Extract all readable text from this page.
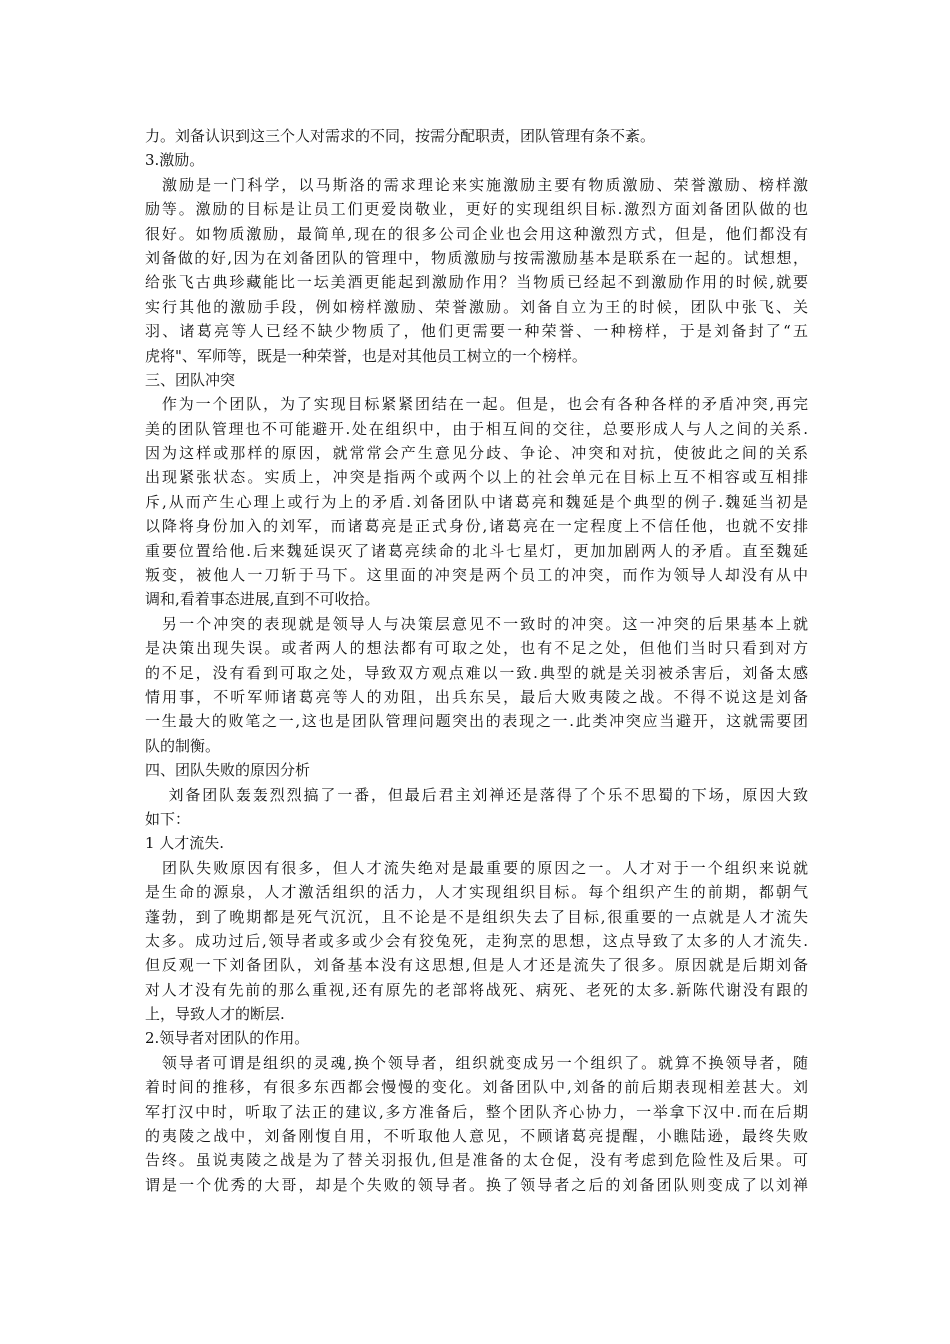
力。刘备认识到这三个人对需求的不同，按需分配职责，团队管理有条不紊。
3.激励。
　激励是一门科学，以马斯洛的需求理论来实施激励主要有物质激励、荣誉激励、榜样激
励等。激励的目标是让员工们更爱岗敬业，更好的实现组织目标.激烈方面刘备团队做的也
很好。如物质激励，最简单,现在的很多公司企业也会用这种激烈方式，但是，他们都没有
刘备做的好,因为在刘备团队的管理中，物质激励与按需激励基本是联系在一起的。试想想，
给张飞古典珍藏能比一坛美酒更能起到激励作用？当物质已经起不到激励作用的时候,就要
实行其他的激励手段，例如榜样激励、荣誉激励。刘备自立为王的时候，团队中张飞、关
羽、诸葛亮等人已经不缺少物质了，他们更需要一种荣誉、一种榜样，于是刘备封了“五
虎将"、军师等，既是一种荣誉，也是对其他员工树立的一个榜样。
三、团队冲突
　作为一个团队，为了实现目标紧紧团结在一起。但是，也会有各种各样的矛盾冲突,再完
美的团队管理也不可能避开.处在组织中，由于相互间的交往，总要形成人与人之间的关系.
因为这样或那样的原因，就常常会产生意见分歧、争论、冲突和对抗，使彼此之间的关系
出现紧张状态。实质上，冲突是指两个或两个以上的社会单元在目标上互不相容或互相排
斥,从而产生心理上或行为上的矛盾.刘备团队中诸葛亮和魏延是个典型的例子.魏延当初是
以降将身份加入的刘军，而诸葛亮是正式身份,诸葛亮在一定程度上不信任他，也就不安排
重要位置给他.后来魏延误灭了诸葛亮续命的北斗七星灯，更加加剧两人的矛盾。直至魏延
叛变，被他人一刀斩于马下。这里面的冲突是两个员工的冲突，而作为领导人却没有从中
调和,看着事态进展,直到不可收拾。
　另一个冲突的表现就是领导人与决策层意见不一致时的冲突。这一冲突的后果基本上就
是决策出现失误。或者两人的想法都有可取之处，也有不足之处，但他们当时只看到对方
的不足，没有看到可取之处，导致双方观点难以一致.典型的就是关羽被杀害后，刘备太感
情用事，不听军师诸葛亮等人的劝阻，出兵东吴，最后大败夷陵之战。不得不说这是刘备
一生最大的败笔之一,这也是团队管理问题突出的表现之一.此类冲突应当避开，这就需要团
队的制衡。
四、团队失败的原因分析
　 刘备团队轰轰烈烈搞了一番，但最后君主刘禅还是落得了个乐不思蜀的下场，原因大致
如下：
1 人才流失.
　团队失败原因有很多，但人才流失绝对是最重要的原因之一。人才对于一个组织来说就
是生命的源泉，人才激活组织的活力，人才实现组织目标。每个组织产生的前期，都朝气
蓬勃，到了晚期都是死气沉沉，且不论是不是组织失去了目标,很重要的一点就是人才流失
太多。成功过后,领导者或多或少会有狡兔死，走狗烹的思想，这点导致了太多的人才流失.
但反观一下刘备团队，刘备基本没有这思想,但是人才还是流失了很多。原因就是后期刘备
对人才没有先前的那么重视,还有原先的老部将战死、病死、老死的太多.新陈代谢没有跟的
上，导致人才的断层.
2.领导者对团队的作用。
　领导者可谓是组织的灵魂,换个领导者，组织就变成另一个组织了。就算不换领导者，随
着时间的推移，有很多东西都会慢慢的变化。刘备团队中,刘备的前后期表现相差甚大。刘
军打汉中时，听取了法正的建议,多方准备后，整个团队齐心协力，一举拿下汉中.而在后期
的夷陵之战中，刘备刚愎自用，不听取他人意见，不顾诸葛亮提醒，小瞧陆逊，最终失败
告终。虽说夷陵之战是为了替关羽报仇,但是准备的太仓促，没有考虑到危险性及后果。可
谓是一个优秀的大哥，却是个失败的领导者。换了领导者之后的刘备团队则变成了以刘禅
